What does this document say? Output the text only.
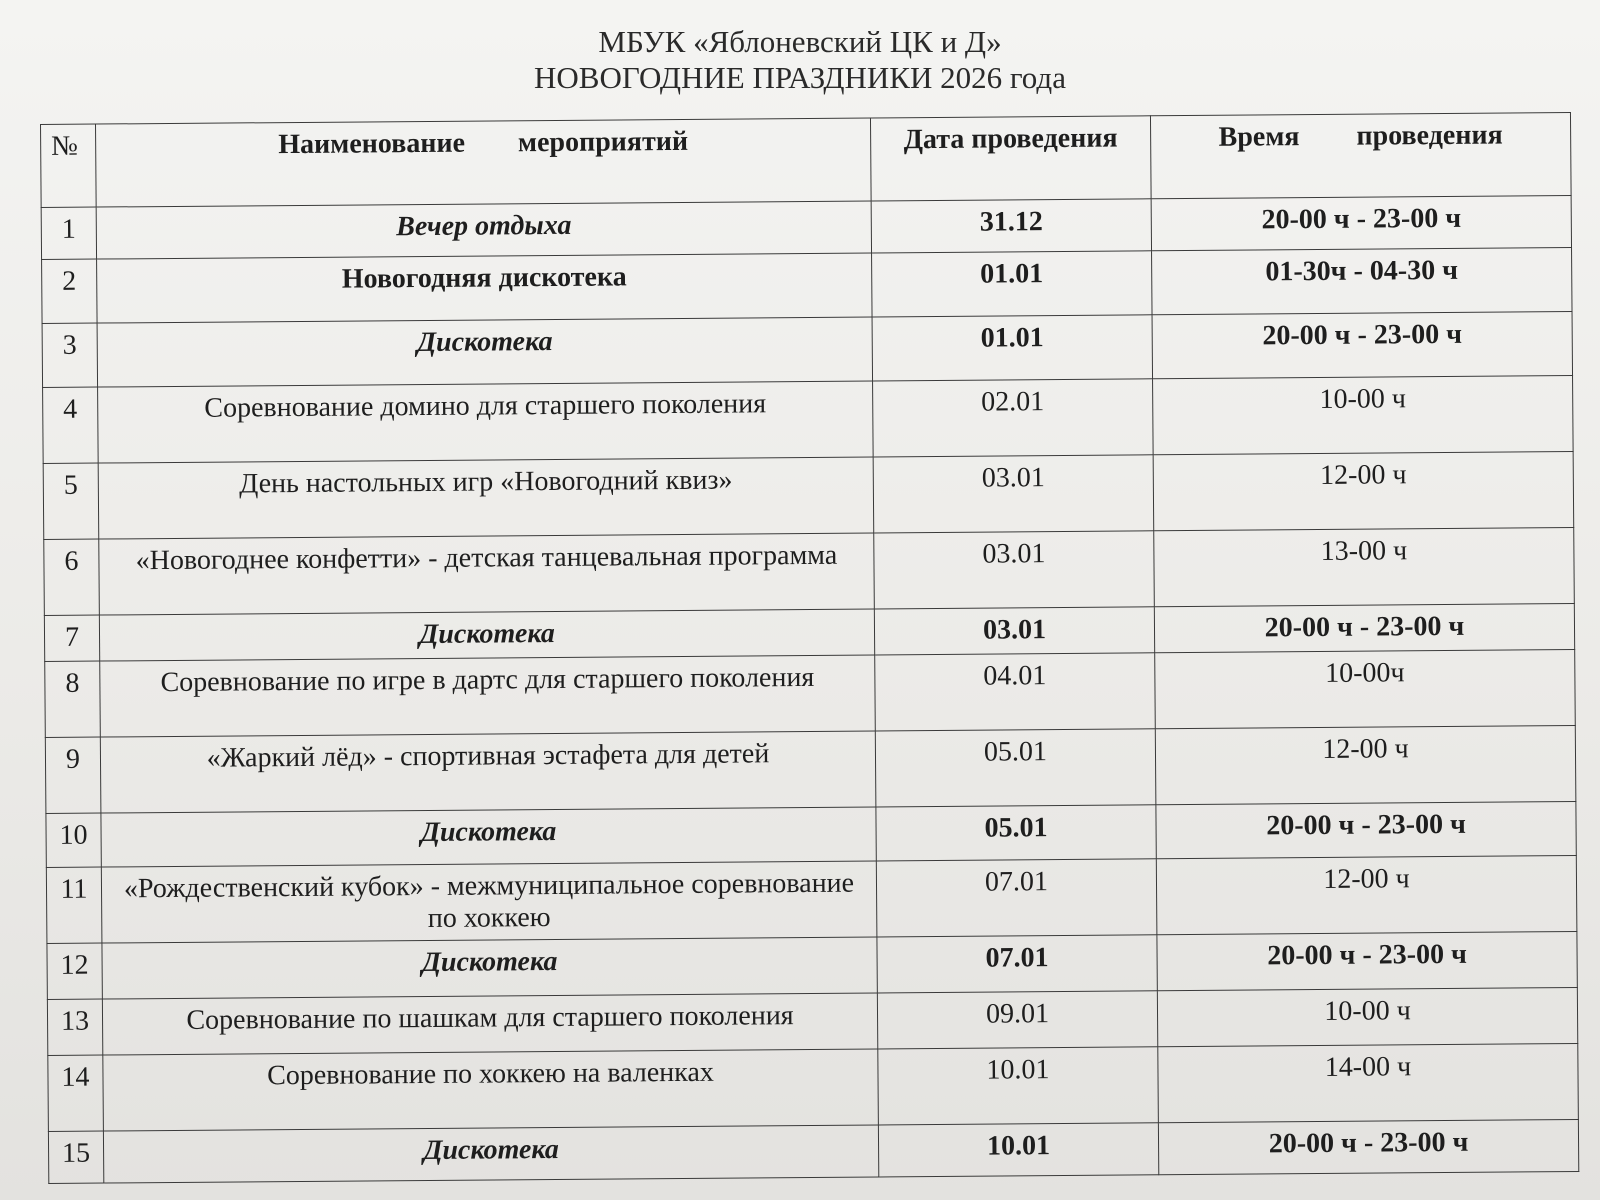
МБУК «Яблоневский ЦК и Д»
НОВОГОДНИЕ ПРАЗДНИКИ 2026 года
№	Наименование мероприятий	Дата проведения	Время проведения
1	Вечер отдыха	31.12	20-00 ч - 23-00 ч
2	Новогодняя дискотека	01.01	01-30ч - 04-30 ч
3	Дискотека	01.01	20-00 ч - 23-00 ч
4	Соревнование домино для старшего поколения	02.01	10-00 ч
5	День настольных игр «Новогодний квиз»	03.01	12-00 ч
6	«Новогоднее конфетти» - детская танцевальная программа	03.01	13-00 ч
7	Дискотека	03.01	20-00 ч - 23-00 ч
8	Соревнование по игре в дартс для старшего поколения	04.01	10-00ч
9	«Жаркий лёд» - спортивная эстафета для детей	05.01	12-00 ч
10	Дискотека	05.01	20-00 ч - 23-00 ч
11	«Рождественский кубок» - межмуниципальное соревнование по хоккею	07.01	12-00 ч
12	Дискотека	07.01	20-00 ч - 23-00 ч
13	Соревнование по шашкам для старшего поколения	09.01	10-00 ч
14	Соревнование по хоккею на валенках	10.01	14-00 ч
15	Дискотека	10.01	20-00 ч - 23-00 ч
